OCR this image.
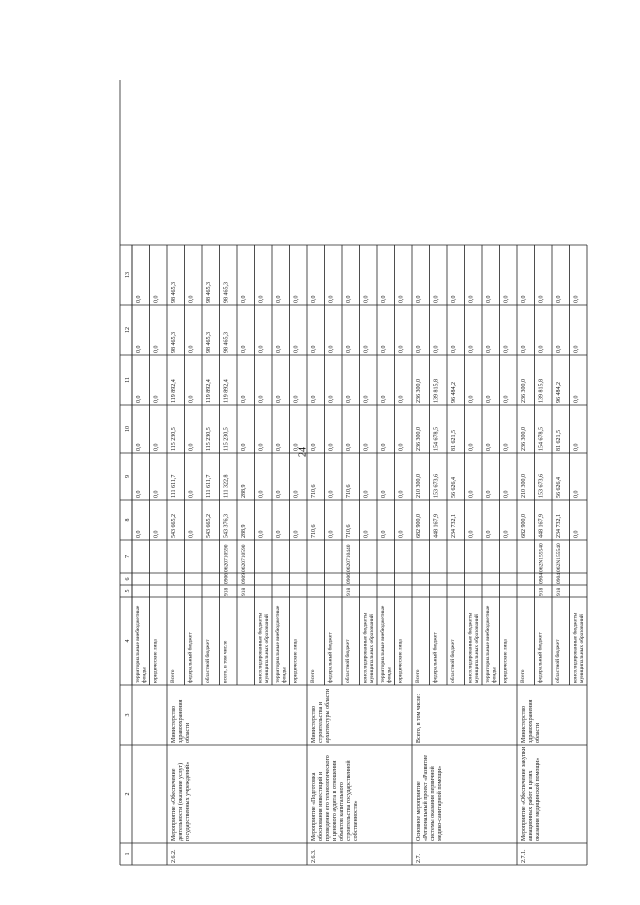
24
1
2
3
4
5
6
7
8
9
10
11
12
13
территориальные внебюджетные фонды
0,0
0,0
0,0
0,0
0,0
0,0
юридические лица
0,0
0,0
0,0
0,0
0,0
0,0
2.6.2.
Мероприятие «Обеспечение деятельности (оказание услуг) государственных учреждений»
Министерство здравоохранения области
Всего
543 665,2
111 611,7
115 230,5
119 892,4
98 465,3
98 465,3
федеральный бюджет
0,0
0,0
0,0
0,0
0,0
0,0
областной бюджет
543 665,2
111 611,7
115 230,5
119 892,4
98 465,3
98 465,3
всего, в том числе
918
0906
0620710590
543 376,3
111 322,8
115 230,5
119 892,4
98 465,3
98 465,3
918
0909
0620710590
288,9
288,9
0,0
0,0
0,0
0,0
консолидированные бюджеты муниципальных образований
0,0
0,0
0,0
0,0
0,0
0,0
территориальные внебюджетные фонды
0,0
0,0
0,0
0,0
0,0
0,0
юридические лица
0,0
0,0
0,0
0,0
0,0
0,0
2.6.3.
Мероприятие «Подготовка обоснования инвестиций и проведение его технологического и ценового аудита в отношении объектов капитального строительства государственной собственности»
Министерство строительства и архитектуры области
Всего
710,6
710,6
0,0
0,0
0,0
0,0
федеральный бюджет
0,0
0,0
0,0
0,0
0,0
0,0
областной бюджет
918
0906
0620710440
710,6
710,6
0,0
0,0
0,0
0,0
консолидированные бюджеты муниципальных образований
0,0
0,0
0,0
0,0
0,0
0,0
территориальные внебюджетные фонды
0,0
0,0
0,0
0,0
0,0
0,0
юридические лица
0,0
0,0
0,0
0,0
0,0
0,0
2.7.
Основное мероприятие «Региональный проект «Развитие системы оказания первичной медико-санитарной помощи»
Всего, в том числе:
Всего
682 900,0
210 300,0
236 300,0
236 300,0
0,0
0,0
федеральный бюджет
448 167,9
153 673,6
154 678,5
139 815,8
0,0
0,0
областной бюджет
234 732,1
56 626,4
81 621,5
96 484,2
0,0
0,0
консолидированные бюджеты муниципальных образований
0,0
0,0
0,0
0,0
0,0
0,0
территориальные внебюджетные фонды
0,0
0,0
0,0
0,0
0,0
0,0
юридические лица
0,0
0,0
0,0
0,0
0,0
0,0
2.7.1.
Мероприятие «Обеспечение закупки авиационных работ в целях оказания медицинской помощи»
Министерство здравоохранения области
Всего
682 900,0
210 300,0
236 300,0
236 300,0
0,0
0,0
федеральный бюджет
918
0904
062N155540
448 167,9
153 673,6
154 678,5
139 815,8
0,0
0,0
областной бюджет
918
0904
062N155540
234 732,1
56 626,4
81 621,5
96 484,2
0,0
0,0
консолидированные бюджеты муниципальных образований
0,0
0,0
0,0
0,0
0,0
0,0
